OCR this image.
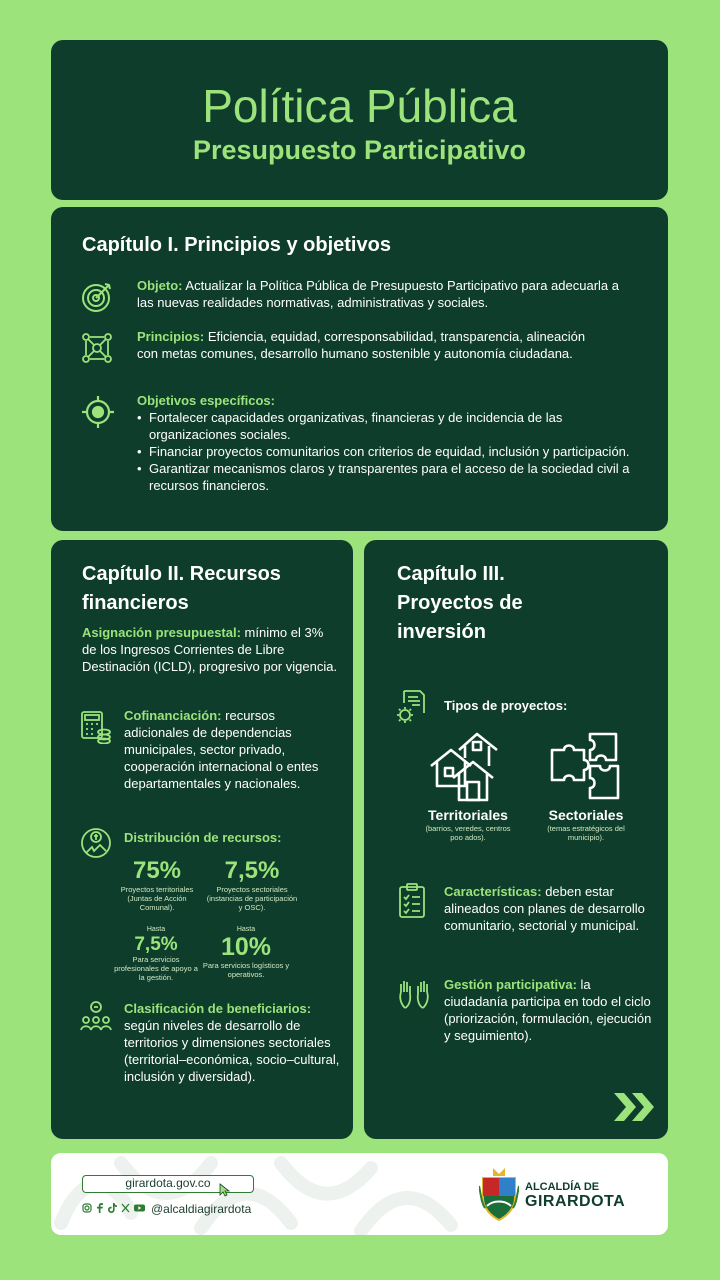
Política Pública
Presupuesto Participativo
Capítulo I. Principios y objetivos
Objeto: Actualizar la Política Pública de Presupuesto Participativo para adecuarla a las nuevas realidades normativas, administrativas y sociales.
Principios: Eficiencia, equidad, corresponsabilidad, transparencia, alineación con metas comunes, desarrollo humano sostenible y autonomía ciudadana.
Objetivos específicos:
• Fortalecer capacidades organizativas, financieras y de incidencia de las organizaciones sociales.
• Financiar proyectos comunitarios con criterios de equidad, inclusión y participación.
• Garantizar mecanismos claros y transparentes para el acceso de la sociedad civil a recursos financieros.
Capítulo II. Recursos
financieros
Asignación presupuestal: mínimo el 3% de los Ingresos Corrientes de Libre Destinación (ICLD), progresivo por vigencia.
Cofinanciación: recursos adicionales de dependencias municipales, sector privado, cooperación internacional o entes departamentales y nacionales.
Distribución de recursos:
75%
Proyectos territoriales (Juntas de Acción Comunal).
7,5%
Proyectos sectoriales (instancias de participación y OSC).
Hasta
7,5%
Para servicios profesionales de apoyo a la gestión.
Hasta
10%
Para servicios logísticos y operativos.
Clasificación de beneficiarios: según niveles de desarrollo de territorios y dimensiones sectoriales (territorial–económica, socio–cultural, inclusión y diversidad).
Capítulo III.
Proyectos de
inversión
Tipos de proyectos:
Territoriales
(barrios, veredes, centros poo ados).
Sectoriales
(temas estratégicos del municipio).
Características: deben estar alineados con planes de desarrollo comunitario, sectorial y municipal.
Gestión participativa: la ciudadanía participa en todo el ciclo (priorización, formulación, ejecución y seguimiento).
girardota.gov.co
@alcaldiagirardota
ALCALDÍA DE
GIRARDOTA
